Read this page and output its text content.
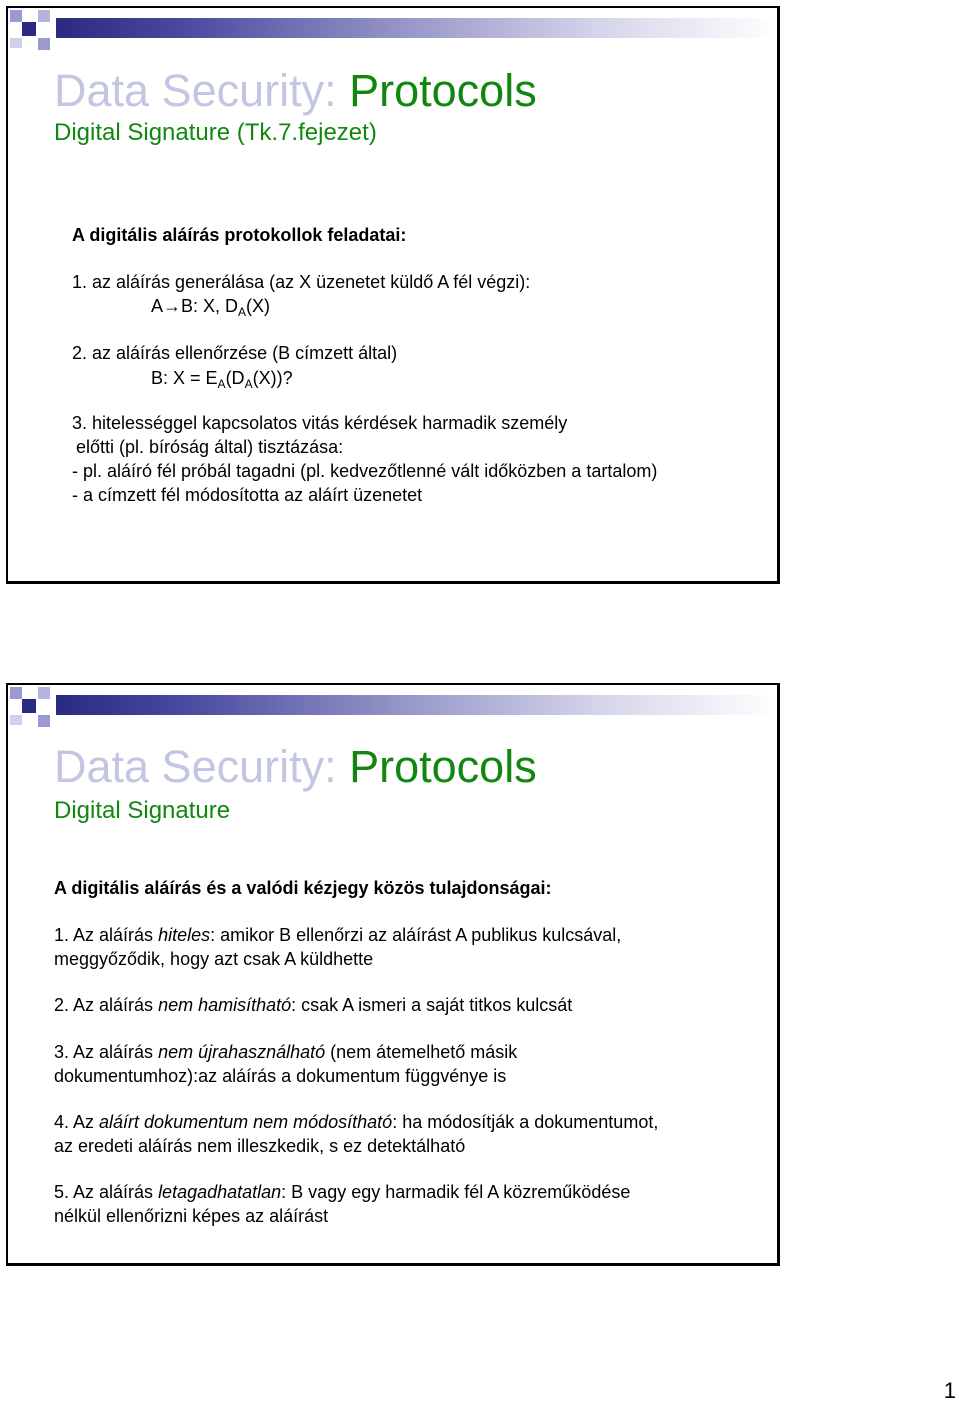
Data Security: Protocols
Digital Signature (Tk.7.fejezet)
A digitális aláírás protokollok feladatai:
1. az aláírás generálása (az X üzenetet küldő A fél végzi):
A→B: X, $D_A(X)$
2. az aláírás ellenőrzése (B címzett által)
B: $X = E_A(D_A(X))$?
3. hitelességgel kapcsolatos vitás kérdések harmadik személy
előtti (pl. bíróság által) tisztázása:
- pl. aláíró fél próbál tagadni (pl. kedvezőtlenné vált időközben a tartalom)
- a címzett fél módosította az aláírt üzenetet
Data Security: Protocols
Digital Signature
A digitális aláírás és a valódi kézjegy közös tulajdonságai:
1. Az aláírás hiteles: amikor B ellenőrzi az aláírást A publikus kulcsával,
meggyőződik, hogy azt csak A küldhette
2. Az aláírás nem hamisítható: csak A ismeri a saját titkos kulcsát
3. Az aláírás nem újrahasználható (nem átemelhető másik
dokumentumhoz):az aláírás a dokumentum függvénye is
4. Az aláírt dokumentum nem módosítható: ha módosítják a dokumentumot,
az eredeti aláírás nem illeszkedik, s ez detektálható
5. Az aláírás letagadhatatlan: B vagy egy harmadik fél A közreműködése
nélkül ellenőrizni képes az aláírást
1
